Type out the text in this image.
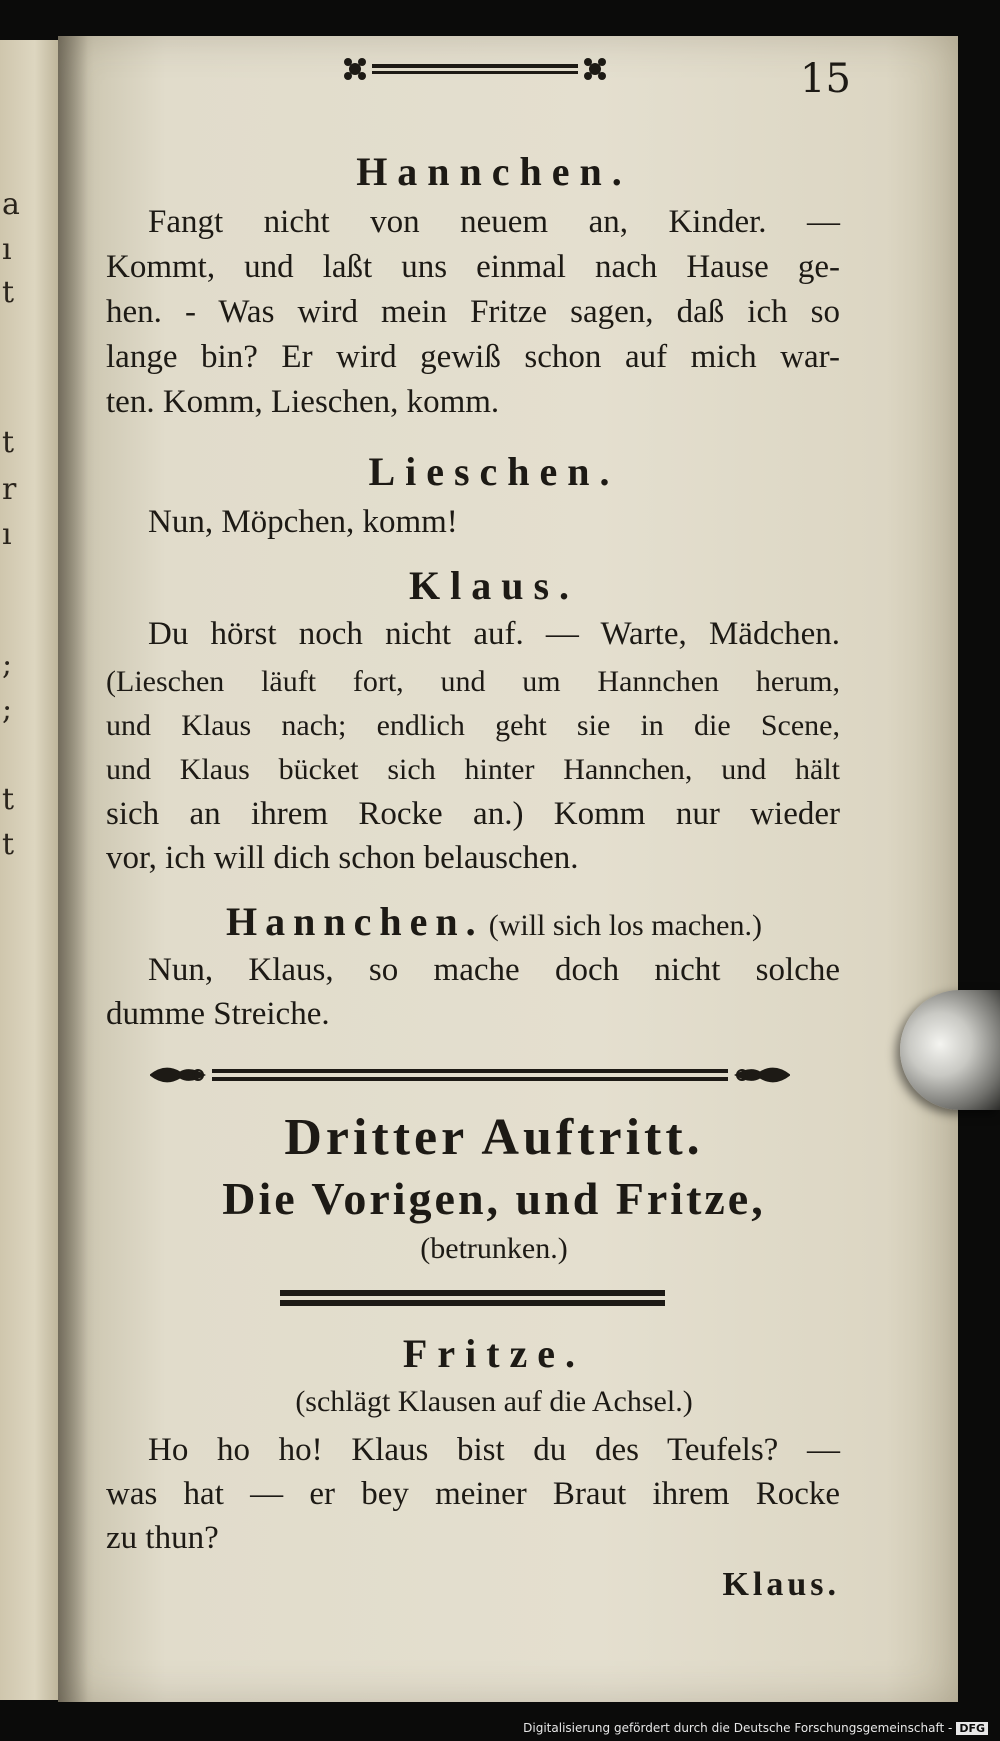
a
ı
t
t
r
ı
;
;
t
t
15
Hannchen.
Fangt nicht von neuem an, Kinder. —
Kommt, und laßt uns einmal nach Hause ge-
hen. - Was wird mein Fritze sagen, daß ich so
lange bin? Er wird gewiß schon auf mich war-
ten. Komm, Lieschen, komm.
Lieschen.
Nun, Möpchen, komm!
Klaus.
Du hörst noch nicht auf. — Warte, Mädchen.
(Lieschen läuft fort, und um Hannchen herum,
und Klaus nach; endlich geht sie in die Scene,
und Klaus bücket sich hinter Hannchen, und hält
sich an ihrem Rocke an.) Komm nur wieder
vor, ich will dich schon belauschen.
Hannchen. (will sich los machen.)
Nun, Klaus, so mache doch nicht solche
dumme Streiche.
Dritter Auftritt.
Die Vorigen, und Fritze,
(betrunken.)
Fritze.
(schlägt Klausen auf die Achsel.)
Ho ho ho! Klaus bist du des Teufels? —
was hat — er bey meiner Braut ihrem Rocke
zu thun?
Klaus.
Digitalisierung gefördert durch die Deutsche Forschungsgemeinschaft - DFG
